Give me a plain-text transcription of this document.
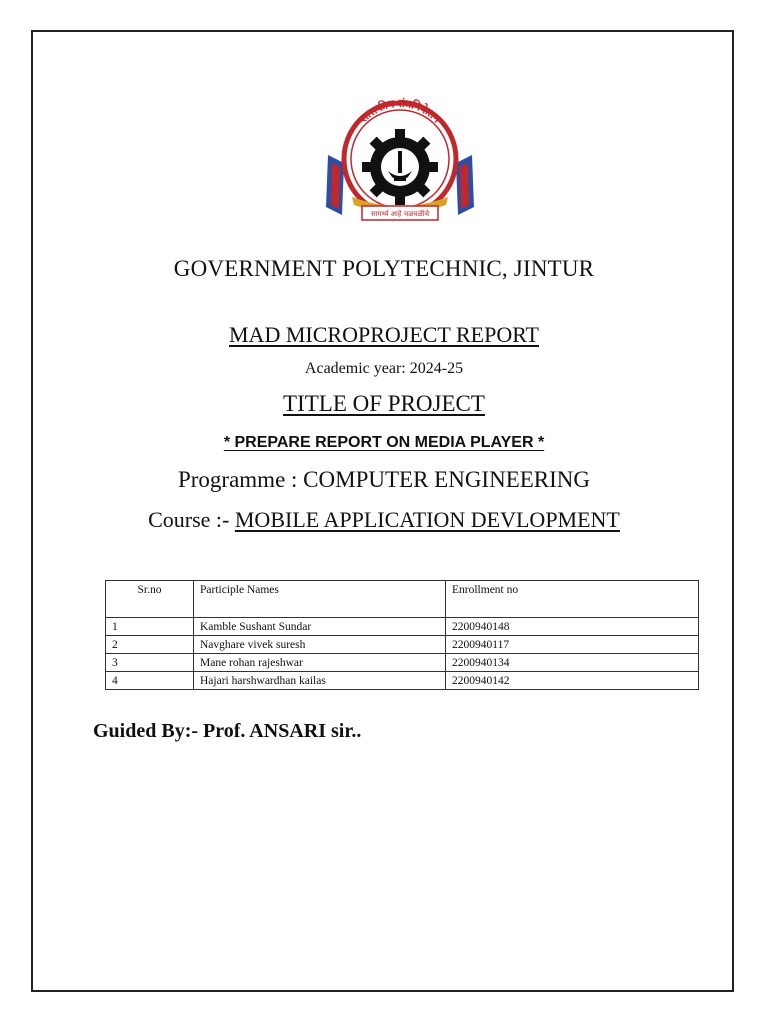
शासकीय तंत्रनिकेतन
सामर्थ्य आहे चळवळीचे
GOVERNMENT POLYTECHNIC, JINTUR
MAD MICROPROJECT REPORT
Academic year: 2024-25
TITLE OF PROJECT
* PREPARE REPORT ON MEDIA PLAYER *
Programme : COMPUTER ENGINEERING
Course :- MOBILE APPLICATION DEVLOPMENT
Sr.no	Participle Names	Enrollment no
1	Kamble Sushant Sundar	2200940148
2	Navghare vivek suresh	2200940117
3	Mane rohan rajeshwar	2200940134
4	Hajari harshwardhan kailas	2200940142
Guided By:- Prof. ANSARI sir..
